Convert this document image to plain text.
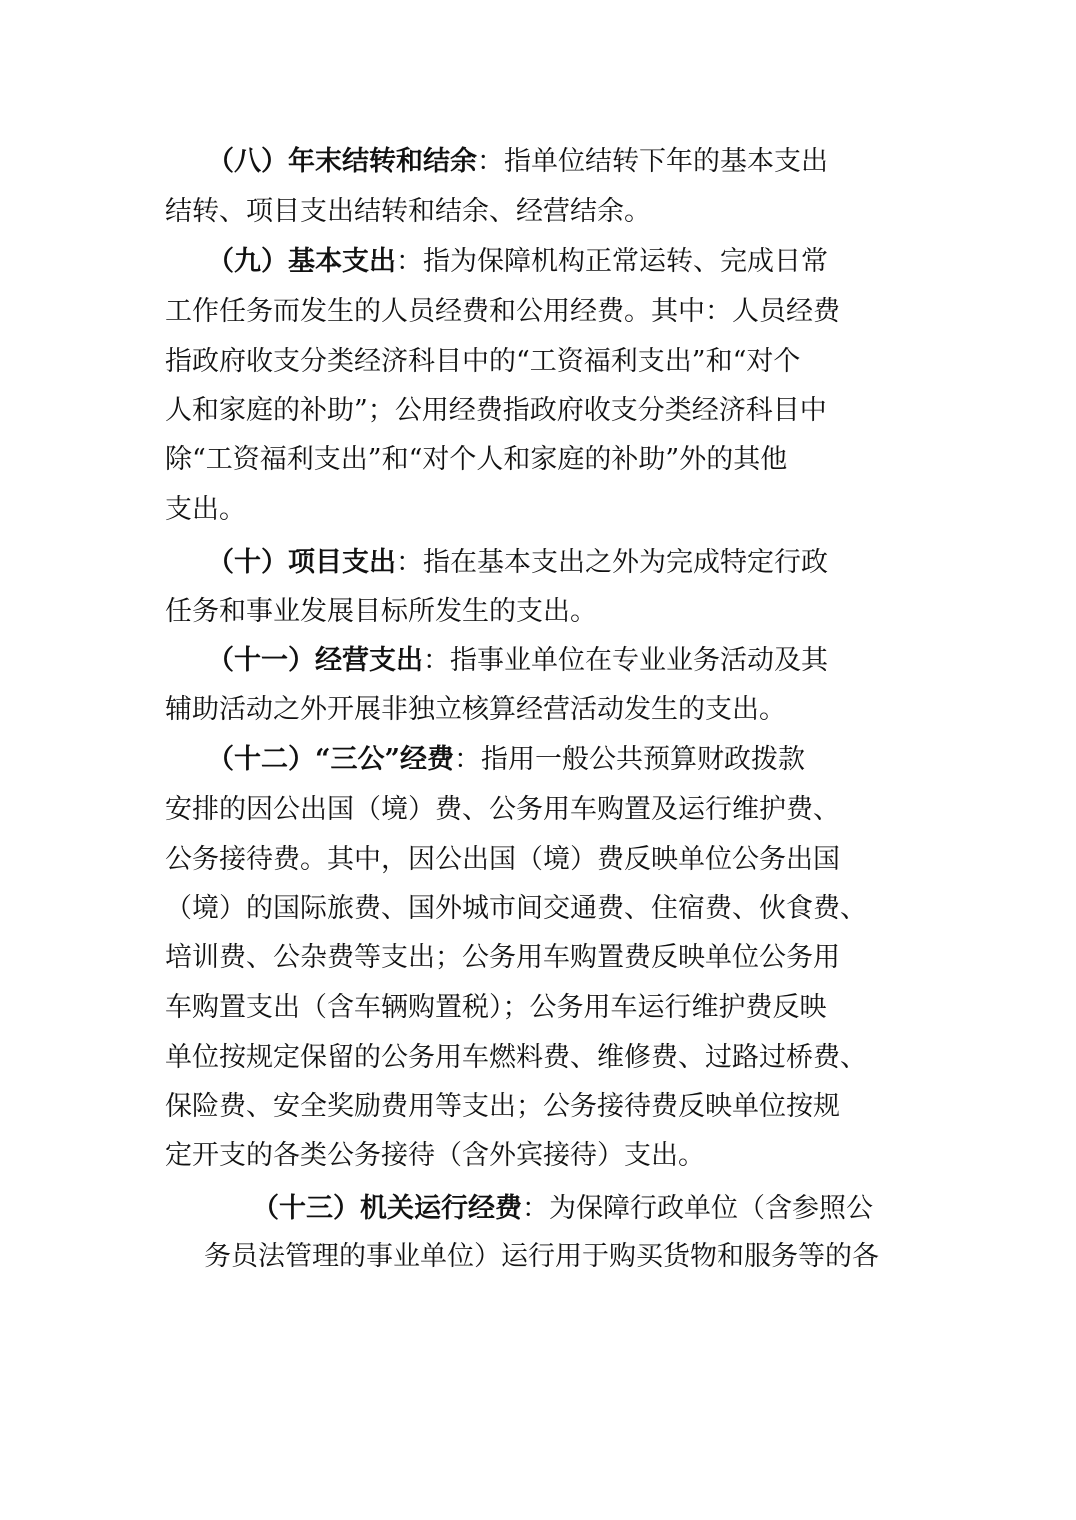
（八）年末结转和结余：指单位结转下年的基本支出
结转、项目支出结转和结余、经营结余。
（九）基本支出：指为保障机构正常运转、完成日常
工作任务而发生的人员经费和公用经费。其中：人员经费
指政府收支分类经济科目中的“工资福利支出”和“对个
人和家庭的补助”；公用经费指政府收支分类经济科目中
除“工资福利支出”和“对个人和家庭的补助”外的其他
支出。
（十）项目支出：指在基本支出之外为完成特定行政
任务和事业发展目标所发生的支出。
（十一）经营支出：指事业单位在专业业务活动及其
辅助活动之外开展非独立核算经营活动发生的支出。
（十二）“三公”经费：指用一般公共预算财政拨款
安排的因公出国（境）费、公务用车购置及运行维护费、
公务接待费。其中，因公出国（境）费反映单位公务出国
（境）的国际旅费、国外城市间交通费、住宿费、伙食费、
培训费、公杂费等支出；公务用车购置费反映单位公务用
车购置支出（含车辆购置税）；公务用车运行维护费反映
单位按规定保留的公务用车燃料费、维修费、过路过桥费、
保险费、安全奖励费用等支出；公务接待费反映单位按规
定开支的各类公务接待（含外宾接待）支出。
（十三）机关运行经费：为保障行政单位（含参照公
务员法管理的事业单位）运行用于购买货物和服务等的各
